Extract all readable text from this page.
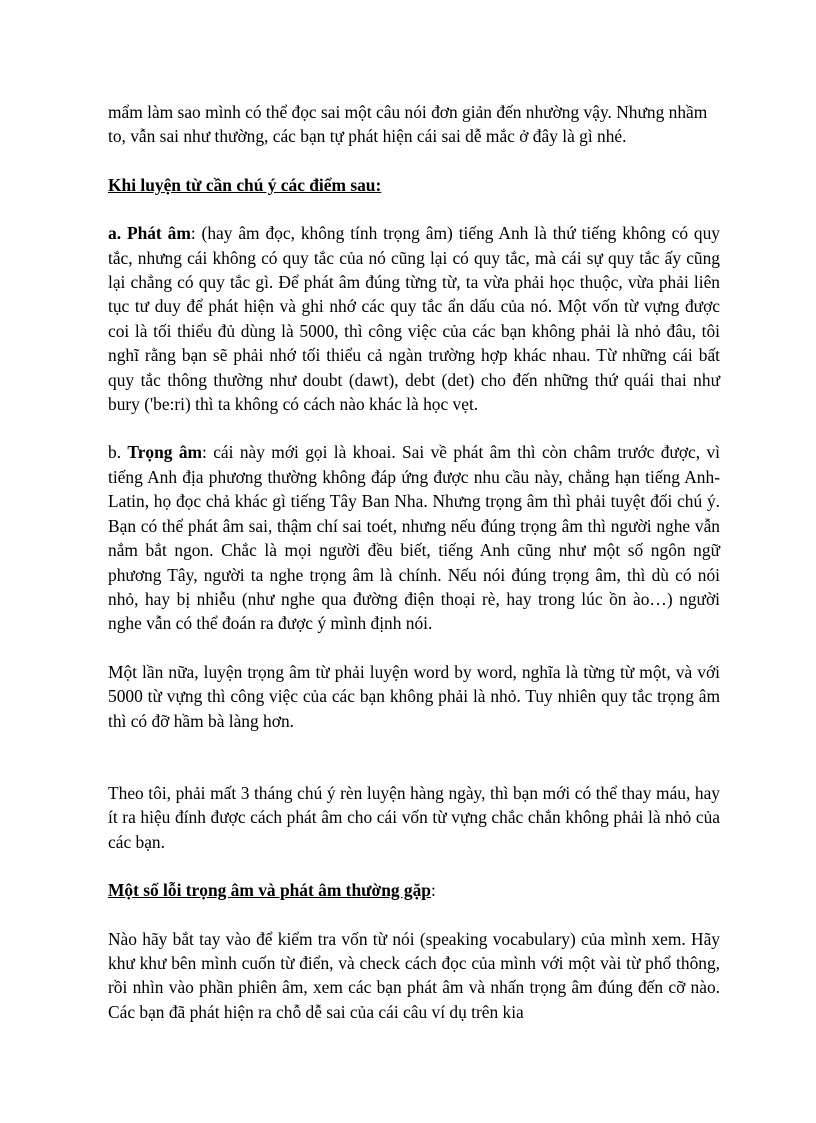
mẩm làm sao mình có thể đọc sai một câu nói đơn giản đến nhường vậy. Nhưng nhầm to, vẫn sai như thường, các bạn tự phát hiện cái sai dễ mắc ở đây là gì nhé.

Khi luyện từ cần chú ý các điểm sau:

a. Phát âm: (hay âm đọc, không tính trọng âm) tiếng Anh là thứ tiếng không có quy tắc, nhưng cái không có quy tắc của nó cũng lại có quy tắc, mà cái sự quy tắc ấy cũng lại chẳng có quy tắc gì. Để phát âm đúng từng từ, ta vừa phải học thuộc, vừa phải liên tục tư duy để phát hiện và ghi nhớ các quy tắc ẩn dấu của nó. Một vốn từ vựng được coi là tối thiểu đủ dùng là 5000, thì công việc của các bạn không phải là nhỏ đâu, tôi nghĩ rằng bạn sẽ phải nhớ tối thiểu cả ngàn trường hợp khác nhau. Từ những cái bất quy tắc thông thường như doubt (dawt), debt (det) cho đến những thứ quái thai như bury ('be:ri) thì ta không có cách nào khác là học vẹt.

b. Trọng âm: cái này mới gọi là khoai. Sai về phát âm thì còn châm trước được, vì tiếng Anh địa phương thường không đáp ứng được nhu cầu này, chẳng hạn tiếng Anh-Latin, họ đọc chả khác gì tiếng Tây Ban Nha. Nhưng trọng âm thì phải tuyệt đối chú ý. Bạn có thể phát âm sai, thậm chí sai toét, nhưng nếu đúng trọng âm thì người nghe vẫn nắm bắt ngon. Chắc là mọi người đều biết, tiếng Anh cũng như một số ngôn ngữ phương Tây, người ta nghe trọng âm là chính. Nếu nói đúng trọng âm, thì dù có nói nhỏ, hay bị nhiễu (như nghe qua đường điện thoại rè, hay trong lúc ồn ào…) người nghe vẫn có thể đoán ra được ý mình định nói.

Một lần nữa, luyện trọng âm từ phải luyện word by word, nghĩa là từng từ một, và với 5000 từ vựng thì công việc của các bạn không phải là nhỏ. Tuy nhiên quy tắc trọng âm thì có đỡ hầm bà làng hơn.

Theo tôi, phải mất 3 tháng chú ý rèn luyện hàng ngày, thì bạn mới có thể thay máu, hay ít ra hiệu đính được cách phát âm cho cái vốn từ vựng chắc chắn không phải là nhỏ của các bạn.

Một số lỗi trọng âm và phát âm thường gặp:

Nào hãy bắt tay vào để kiểm tra vốn từ nói (speaking vocabulary) của mình xem. Hãy khư khư bên mình cuốn từ điển, và check cách đọc của mình với một vài từ phổ thông, rồi nhìn vào phần phiên âm, xem các bạn phát âm và nhấn trọng âm đúng đến cỡ nào. Các bạn đã phát hiện ra chỗ dễ sai của cái câu ví dụ trên kia
